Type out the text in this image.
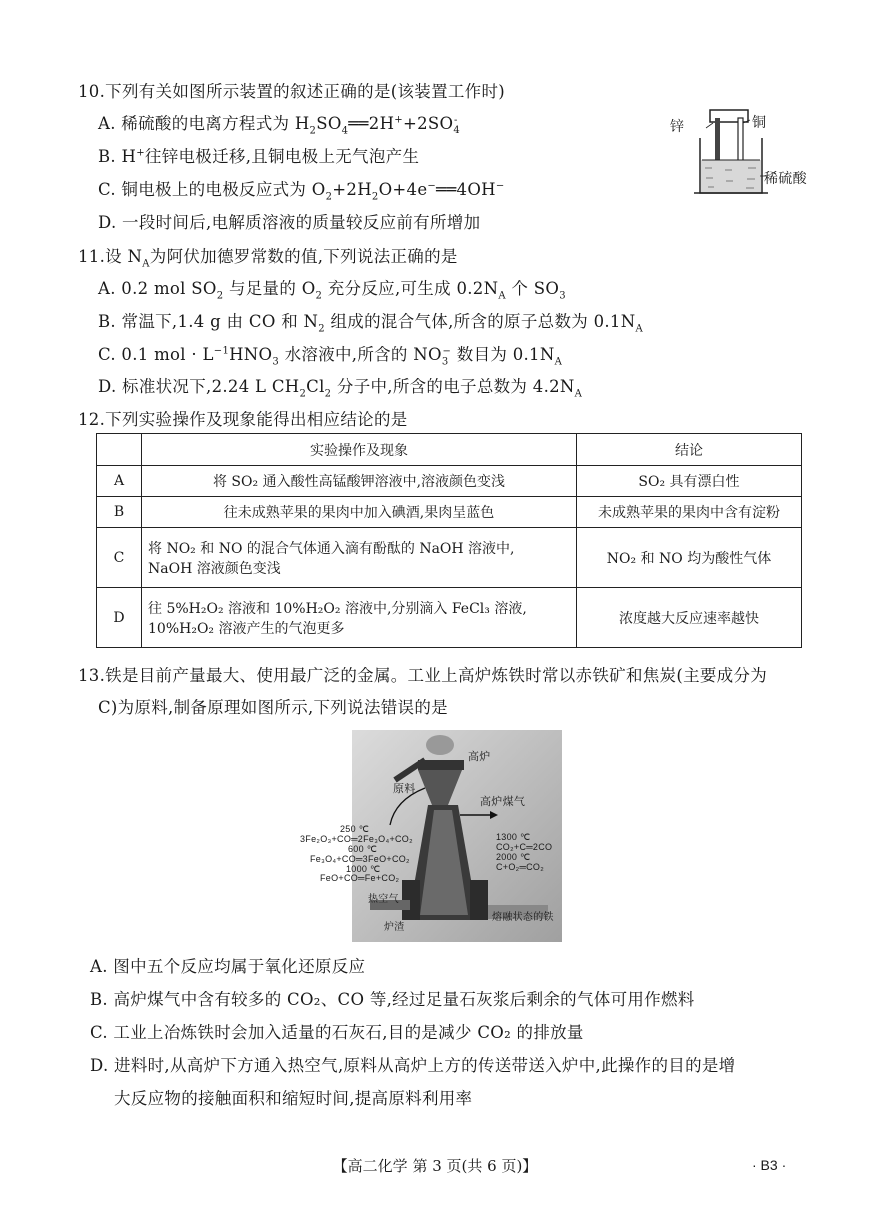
10.下列有关如图所示装置的叙述正确的是(该装置工作时)
A. 稀硫酸的电离方程式为 $H_2SO_4══2H^++2SO_4^-$
B. H+往锌电极迁移,且铜电极上无气泡产生
C. 铜电极上的电极反应式为 $O_2+2H_2O+4e^-══4OH^-$
D. 一段时间后,电解质溶液的质量较反应前有所增加
锌	铜
稀硫酸
11.设 $N_A$为阿伏加德罗常数的值,下列说法正确的是
A. 0.2 mol $SO_2$ 与足量的 $O_2$ 充分反应,可生成 $0.2N_A$ 个 $SO_3$
B. 常温下,1.4 g 由 CO 和 $N_2$ 组成的混合气体,所含的原子总数为 $0.1N_A$
C. 0.1 mol · $L^{-1}HNO_3$ 水溶液中,所含的 $NO_3^-$ 数目为 $0.1N_A$
D. 标准状况下,2.24 L $CH_2Cl_2$ 分子中,所含的电子总数为 $4.2N_A$
12.下列实验操作及现象能得出相应结论的是
	实验操作及现象	结论
A	将 SO₂ 通入酸性高锰酸钾溶液中,溶液颜色变浅	SO₂ 具有漂白性
B	往未成熟苹果的果肉中加入碘酒,果肉呈蓝色	未成熟苹果的果肉中含有淀粉
C	将 NO₂ 和 NO 的混合气体通入滴有酚酞的 NaOH 溶液中,
NaOH 溶液颜色变浅	NO₂ 和 NO 均为酸性气体
D	往 5%H₂O₂ 溶液和 10%H₂O₂ 溶液中,分别滴入 FeCl₃ 溶液,
10%H₂O₂ 溶液产生的气泡更多	浓度越大反应速率越快
13.铁是目前产量最大、使用最广泛的金属。工业上高炉炼铁时常以赤铁矿和焦炭(主要成分为
C)为原料,制备原理如图所示,下列说法错误的是
高炉
原料
高炉煤气
250 ℃
3Fe₂O₃+CO═2Fe₃O₄+CO₂
600 ℃
Fe₃O₄+CO═3FeO+CO₂
1000 ℃
FeO+CO═Fe+CO₂
1300 ℃
CO₂+C═2CO
2000 ℃
C+O₂═CO₂
热空气
炉渣
熔融状态的铁
A. 图中五个反应均属于氧化还原反应
B. 高炉煤气中含有较多的 CO₂、CO 等,经过足量石灰浆后剩余的气体可用作燃料
C. 工业上冶炼铁时会加入适量的石灰石,目的是减少 CO₂ 的排放量
D. 进料时,从高炉下方通入热空气,原料从高炉上方的传送带送入炉中,此操作的目的是增
大反应物的接触面积和缩短时间,提高原料利用率
【高二化学 第 3 页(共 6 页)】	· B3 ·
